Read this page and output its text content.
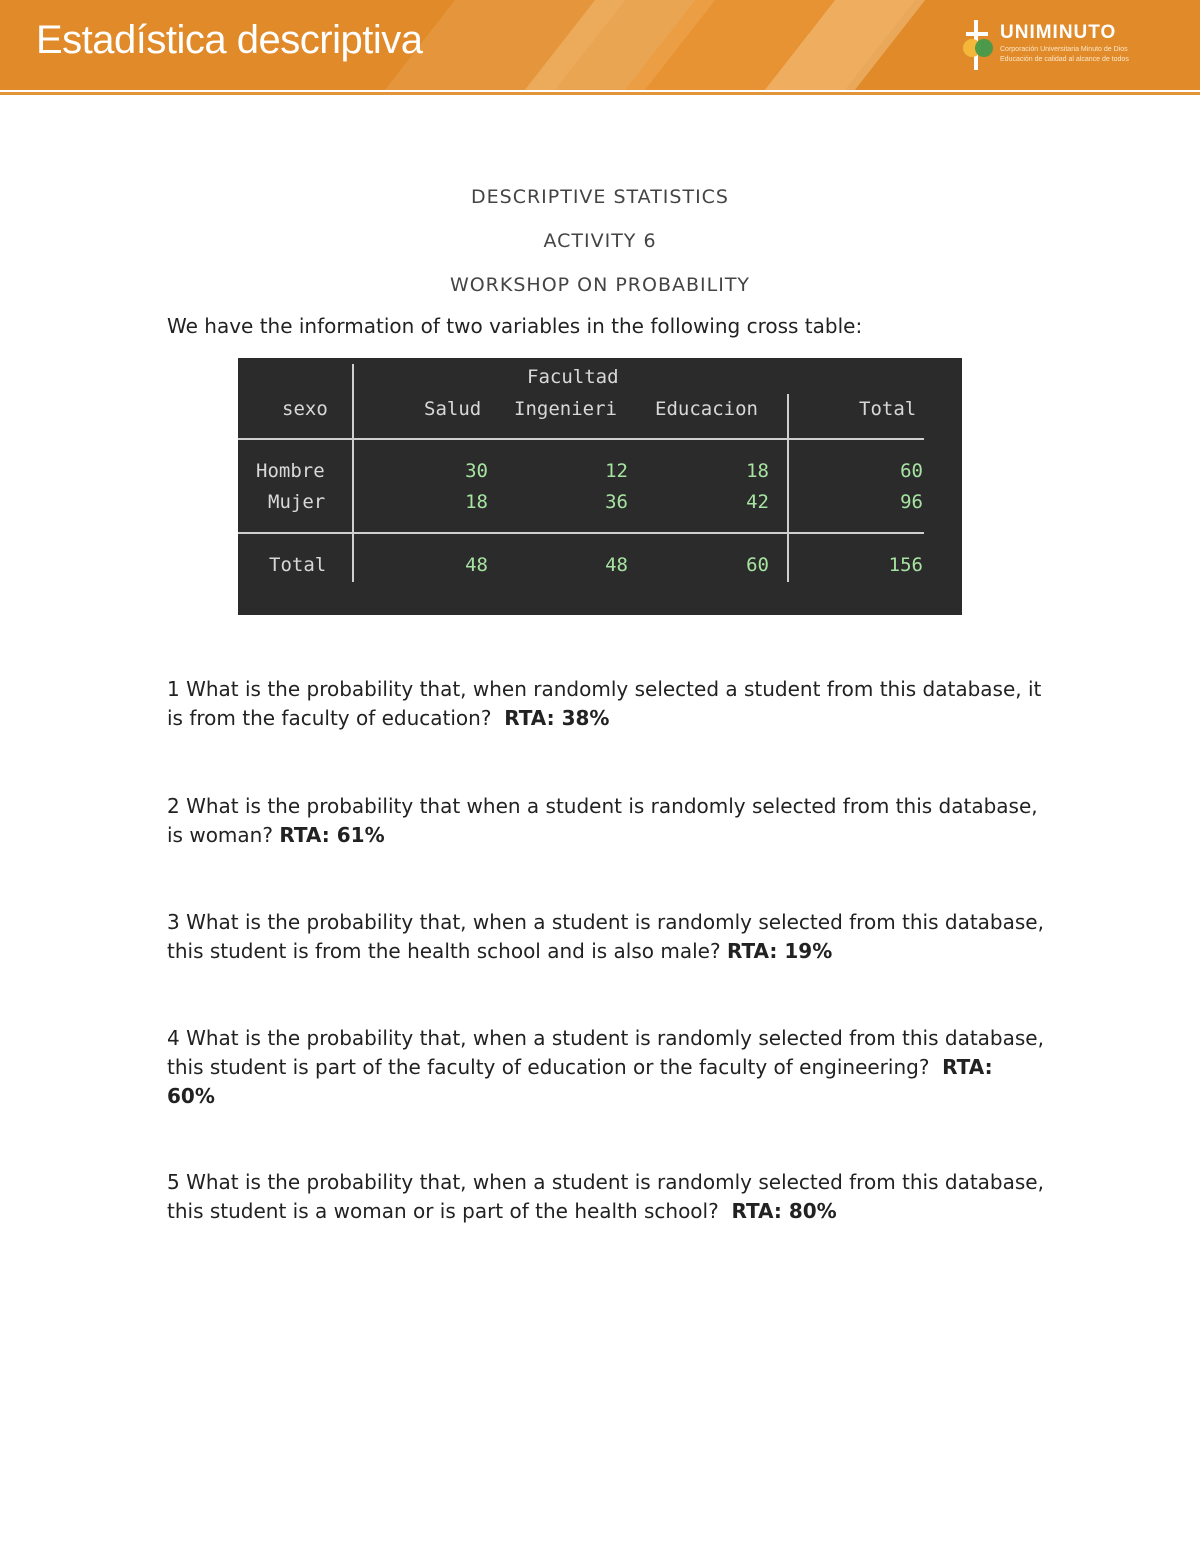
Estadística descriptiva	UNIMINUTO
Corporación Universitaria Minuto de Dios
Educación de calidad al alcance de todos
DESCRIPTIVE STATISTICS
ACTIVITY 6
WORKSHOP ON PROBABILITY
We have the information of two variables in the following cross table:
Facultad
sexo	Salud Ingenieri Educacion	Total
Hombre	30	12	18	60
Mujer	18	36	42	96
Total	48	48	60	156
1 What is the probability that, when randomly selected a student from this database, it is from the faculty of education? RTA: 38%
2 What is the probability that when a student is randomly selected from this database, is woman? RTA: 61%
3 What is the probability that, when a student is randomly selected from this database, this student is from the health school and is also male? RTA: 19%
4 What is the probability that, when a student is randomly selected from this database, this student is part of the faculty of education or the faculty of engineering? RTA: 60%
5 What is the probability that, when a student is randomly selected from this database, this student is a woman or is part of the health school? RTA: 80%
